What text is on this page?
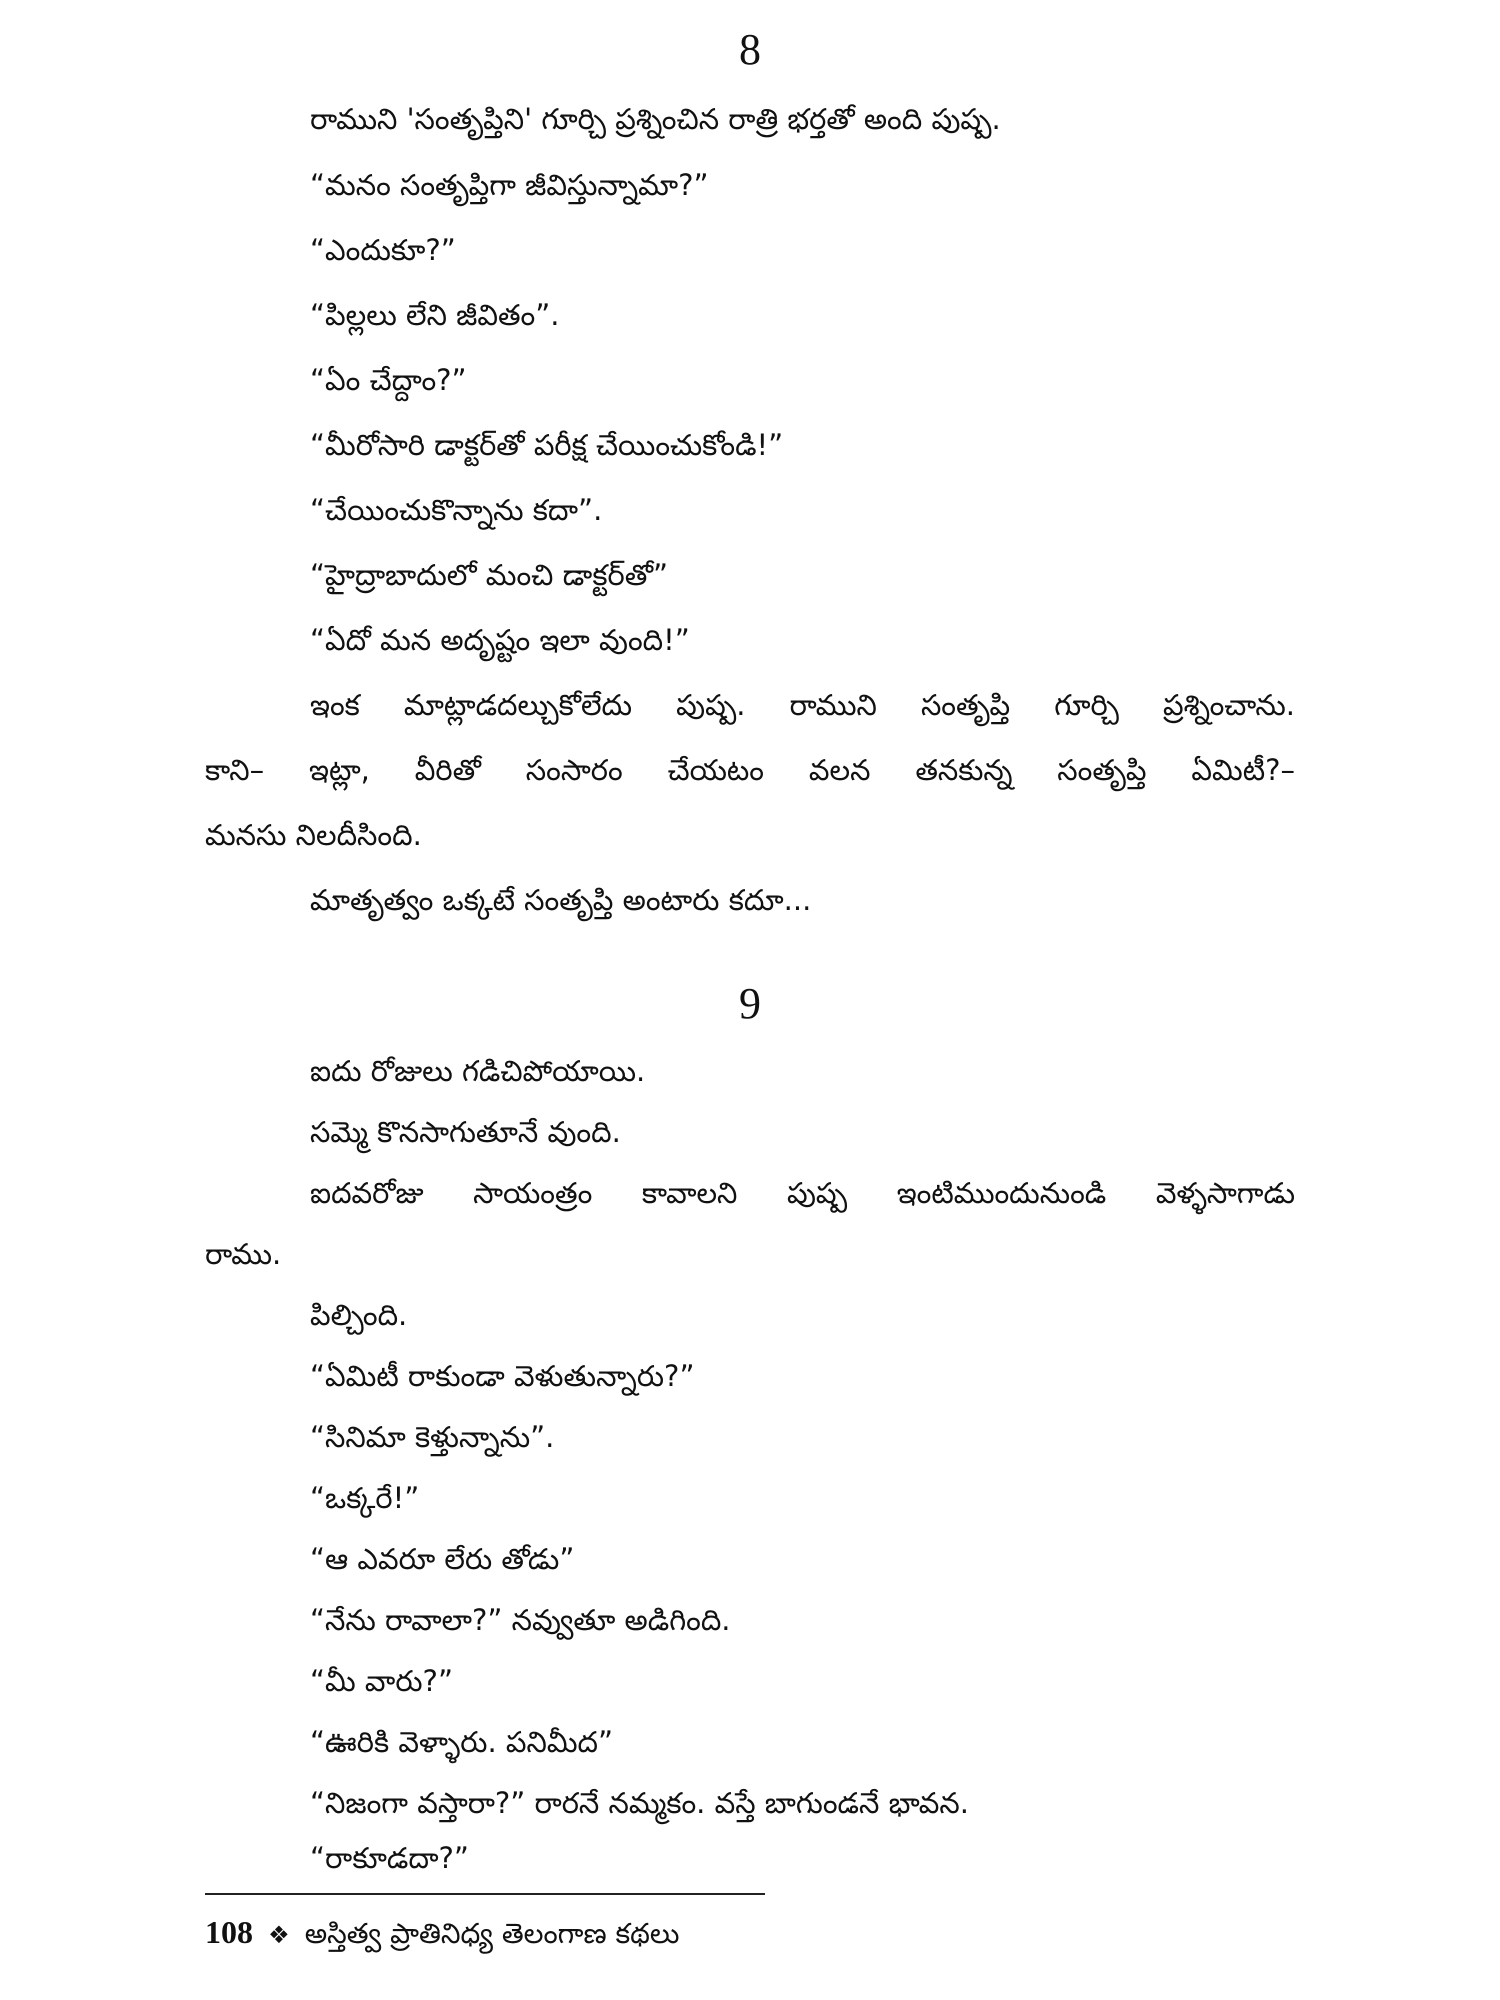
8
రాముని 'సంతృప్తిని' గూర్చి ప్రశ్నించిన రాత్రి భర్తతో అంది పుష్ప.
“మనం సంతృప్తిగా జీవిస్తున్నామా?”
“ఎందుకూ?”
“పిల్లలు లేని జీవితం”.
“ఏం చేద్దాం?”
“మీరోసారి డాక్టర్‌తో పరీక్ష చేయించుకోండి!”
“చేయించుకొన్నాను కదా”.
“హైద్రాబాదులో మంచి డాక్టర్‌తో”
“ఏదో మన అదృష్టం ఇలా వుంది!”
ఇంక మాట్లాడదల్చుకోలేదు పుష్ప. రాముని సంతృప్తి గూర్చి ప్రశ్నించాను.
కాని– ఇట్లా, వీరితో సంసారం చేయటం వలన తనకున్న సంతృప్తి ఏమిటీ?–
మనసు నిలదీసింది.
మాతృత్వం ఒక్కటే సంతృప్తి అంటారు కదూ...
9
ఐదు రోజులు గడిచిపోయాయి.
సమ్మె కొనసాగుతూనే వుంది.
ఐదవరోజు సాయంత్రం కావాలని పుష్ప ఇంటిముందునుండి వెళ్ళసాగాడు
రాము.
పిల్చింది.
“ఏమిటీ రాకుండా వెళుతున్నారు?”
“సినిమా కెళ్తున్నాను”.
“ఒక్కరే!”
“ఆ ఎవరూ లేరు తోడు”
“నేను రావాలా?” నవ్వుతూ అడిగింది.
“మీ వారు?”
“ఊరికి వెళ్ళారు. పనిమీద”
“నిజంగా వస్తారా?” రారనే నమ్మకం. వస్తే బాగుండనే భావన.
“రాకూడదా?”
108 ❖ అస్తిత్వ ప్రాతినిధ్య తెలంగాణ కథలు
